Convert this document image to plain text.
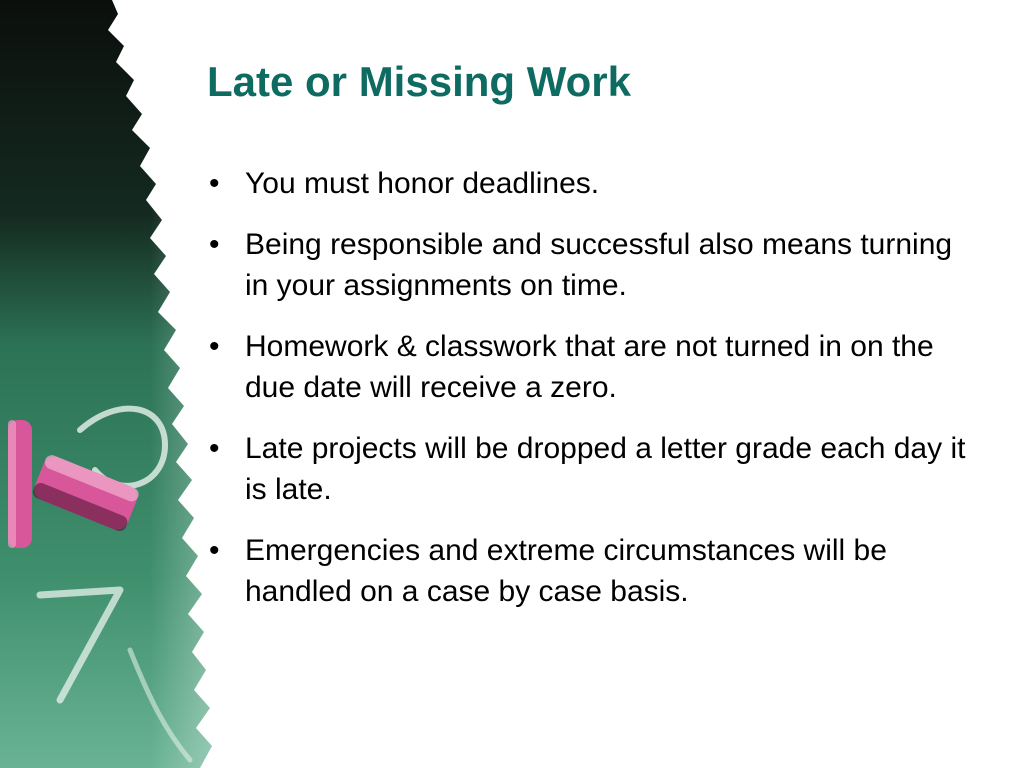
Late or Missing Work
• You must honor deadlines.
• Being responsible and successful also means turning in your assignments on time.
• Homework & classwork that are not turned in on the due date will receive a zero.
• Late projects will be dropped a letter grade each day it is late.
• Emergencies and extreme circumstances will be handled on a case by case basis.
